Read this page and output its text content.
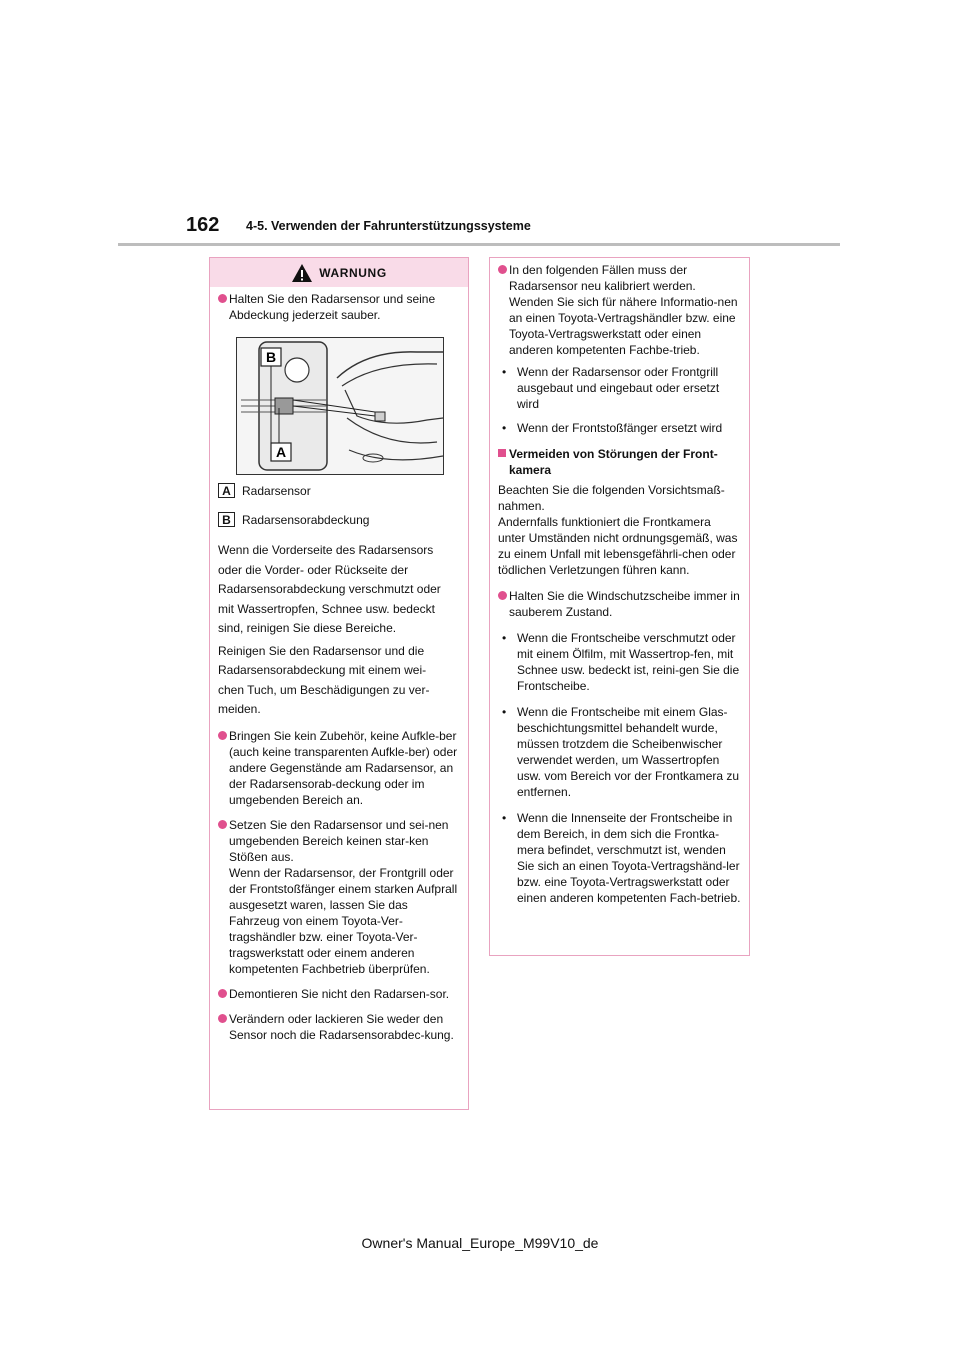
162 4-5. Verwenden der Fahrunterstützungssysteme
WARNUNG
Halten Sie den Radarsensor und seine Abdeckung jederzeit sauber.
B
A
A Radarsensor
B Radarsensorabdeckung
Wenn die Vorderseite des Radarsensors
oder die Vorder- oder Rückseite der
Radarsensorabdeckung verschmutzt oder
mit Wassertropfen, Schnee usw. bedeckt
sind, reinigen Sie diese Bereiche.
Reinigen Sie den Radarsensor und die
Radarsensorabdeckung mit einem wei-
chen Tuch, um Beschädigungen zu ver-
meiden.
Bringen Sie kein Zubehör, keine Aufkle-ber (auch keine transparenten Aufkle-ber) oder andere Gegenstände am Radarsensor, an der Radarsensorab-deckung oder im umgebenden Bereich an.
Setzen Sie den Radarsensor und sei-nen umgebenden Bereich keinen star-ken Stößen aus.
Wenn der Radarsensor, der Frontgrill oder der Frontstoßfänger einem starken Aufprall ausgesetzt waren, lassen Sie das Fahrzeug von einem Toyota-Ver-tragshändler bzw. einer Toyota-Ver-tragswerkstatt oder einem anderen kompetenten Fachbetrieb überprüfen.
Demontieren Sie nicht den Radarsen-sor.
Verändern oder lackieren Sie weder den Sensor noch die Radarsensorabdec-kung.
In den folgenden Fällen muss der Radarsensor neu kalibriert werden. Wenden Sie sich für nähere Informatio-nen an einen Toyota-Vertragshändler bzw. eine Toyota-Vertragswerkstatt oder einen anderen kompetenten Fachbe-trieb.
• Wenn der Radarsensor oder Frontgrill ausgebaut und eingebaut oder ersetzt wird
• Wenn der Frontstoßfänger ersetzt wird
Vermeiden von Störungen der Front-kamera
Beachten Sie die folgenden Vorsichtsmaß-nahmen.
Andernfalls funktioniert die Frontkamera unter Umständen nicht ordnungsgemäß, was zu einem Unfall mit lebensgefährli-chen oder tödlichen Verletzungen führen kann.
Halten Sie die Windschutzscheibe immer in sauberem Zustand.
• Wenn die Frontscheibe verschmutzt oder mit einem Ölfilm, mit Wassertrop-fen, mit Schnee usw. bedeckt ist, reini-gen Sie die Frontscheibe.
• Wenn die Frontscheibe mit einem Glas-beschichtungsmittel behandelt wurde, müssen trotzdem die Scheibenwischer verwendet werden, um Wassertropfen usw. vom Bereich vor der Frontkamera zu entfernen.
• Wenn die Innenseite der Frontscheibe in dem Bereich, in dem sich die Frontka-mera befindet, verschmutzt ist, wenden Sie sich an einen Toyota-Vertragshänd-ler bzw. eine Toyota-Vertragswerkstatt oder einen anderen kompetenten Fach-betrieb.
Owner's Manual_Europe_M99V10_de
